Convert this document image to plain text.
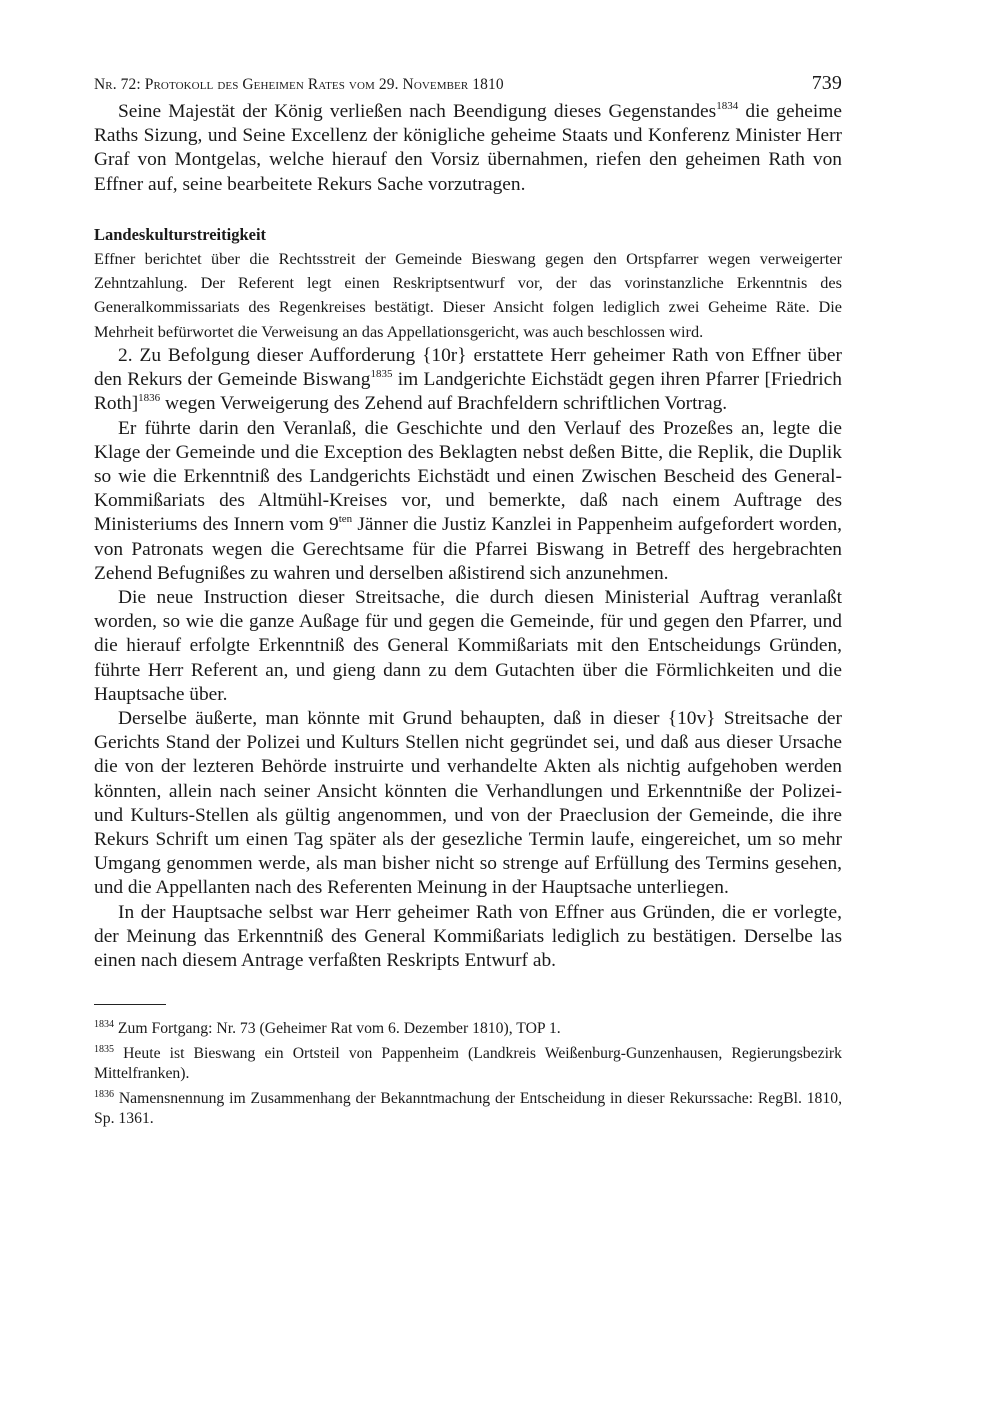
Nr. 72: Protokoll des Geheimen Rates vom 29. November 1810	739

Seine Majestät der König verließen nach Beendigung dieses Gegenstandes$^{1834}$ die geheime Raths Sizung, und Seine Excellenz der königliche geheime Staats und Konferenz Minister Herr Graf von Montgelas, welche hierauf den Vorsiz übernahmen, riefen den geheimen Rath von Effner auf, seine bearbeitete Rekurs Sache vorzutragen.

Landeskulturstreitigkeit

Effner berichtet über die Rechtsstreit der Gemeinde Bieswang gegen den Ortspfarrer wegen verweigerter Zehntzahlung. Der Referent legt einen Reskriptsentwurf vor, der das vorinstanzliche Erkenntnis des Generalkommissariats des Regenkreises bestätigt. Dieser Ansicht folgen lediglich zwei Geheime Räte. Die Mehrheit befürwortet die Verweisung an das Appellationsgericht, was auch beschlossen wird.

2. Zu Befolgung dieser Aufforderung {10r} erstattete Herr geheimer Rath von Effner über den Rekurs der Gemeinde Biswang$^{1835}$ im Landgerichte Eichstädt gegen ihren Pfarrer [Friedrich Roth]$^{1836}$ wegen Verweigerung des Zehend auf Brachfeldern schriftlichen Vortrag.

Er führte darin den Veranlaß, die Geschichte und den Verlauf des Prozeßes an, legte die Klage der Gemeinde und die Exception des Beklagten nebst deßen Bitte, die Replik, die Duplik so wie die Erkenntniß des Landgerichts Eichstädt und einen Zwischen Bescheid des General-Kommißariats des Altmühl-Kreises vor, und bemerkte, daß nach einem Auftrage des Ministeriums des Innern vom $9^{ten}$ Jänner die Justiz Kanzlei in Pappenheim aufgefordert worden, von Patronats wegen die Gerechtsame für die Pfarrei Biswang in Betreff des hergebrachten Zehend Befugnißes zu wahren und derselben aßistirend sich anzunehmen.

Die neue Instruction dieser Streitsache, die durch diesen Ministerial Auftrag veranlaßt worden, so wie die ganze Außage für und gegen die Gemeinde, für und gegen den Pfarrer, und die hierauf erfolgte Erkenntniß des General Kommißariats mit den Entscheidungs Gründen, führte Herr Referent an, und gieng dann zu dem Gutachten über die Förmlichkeiten und die Hauptsache über.

Derselbe äußerte, man könnte mit Grund behaupten, daß in dieser {10v} Streitsache der Gerichts Stand der Polizei und Kulturs Stellen nicht gegründet sei, und daß aus dieser Ursache die von der lezteren Behörde instruirte und verhandelte Akten als nichtig aufgehoben werden könnten, allein nach seiner Ansicht könnten die Verhandlungen und Erkenntniße der Polizei- und Kulturs-Stellen als gültig angenommen, und von der Praeclusion der Gemeinde, die ihre Rekurs Schrift um einen Tag später als der gesezliche Termin laufe, eingereichet, um so mehr Umgang genommen werde, als man bisher nicht so strenge auf Erfüllung des Termins gesehen, und die Appellanten nach des Referenten Meinung in der Hauptsache unterliegen.

In der Hauptsache selbst war Herr geheimer Rath von Effner aus Gründen, die er vorlegte, der Meinung das Erkenntniß des General Kommißariats lediglich zu bestätigen. Derselbe las einen nach diesem Antrage verfaßten Reskripts Entwurf ab.

$^{1834}$ Zum Fortgang: Nr. 73 (Geheimer Rat vom 6. Dezember 1810), TOP 1.
$^{1835}$ Heute ist Bieswang ein Ortsteil von Pappenheim (Landkreis Weißenburg-Gunzenhausen, Regierungsbezirk Mittelfranken).
$^{1836}$ Namensnennung im Zusammenhang der Bekanntmachung der Entscheidung in dieser Rekurssache: RegBl. 1810, Sp. 1361.
